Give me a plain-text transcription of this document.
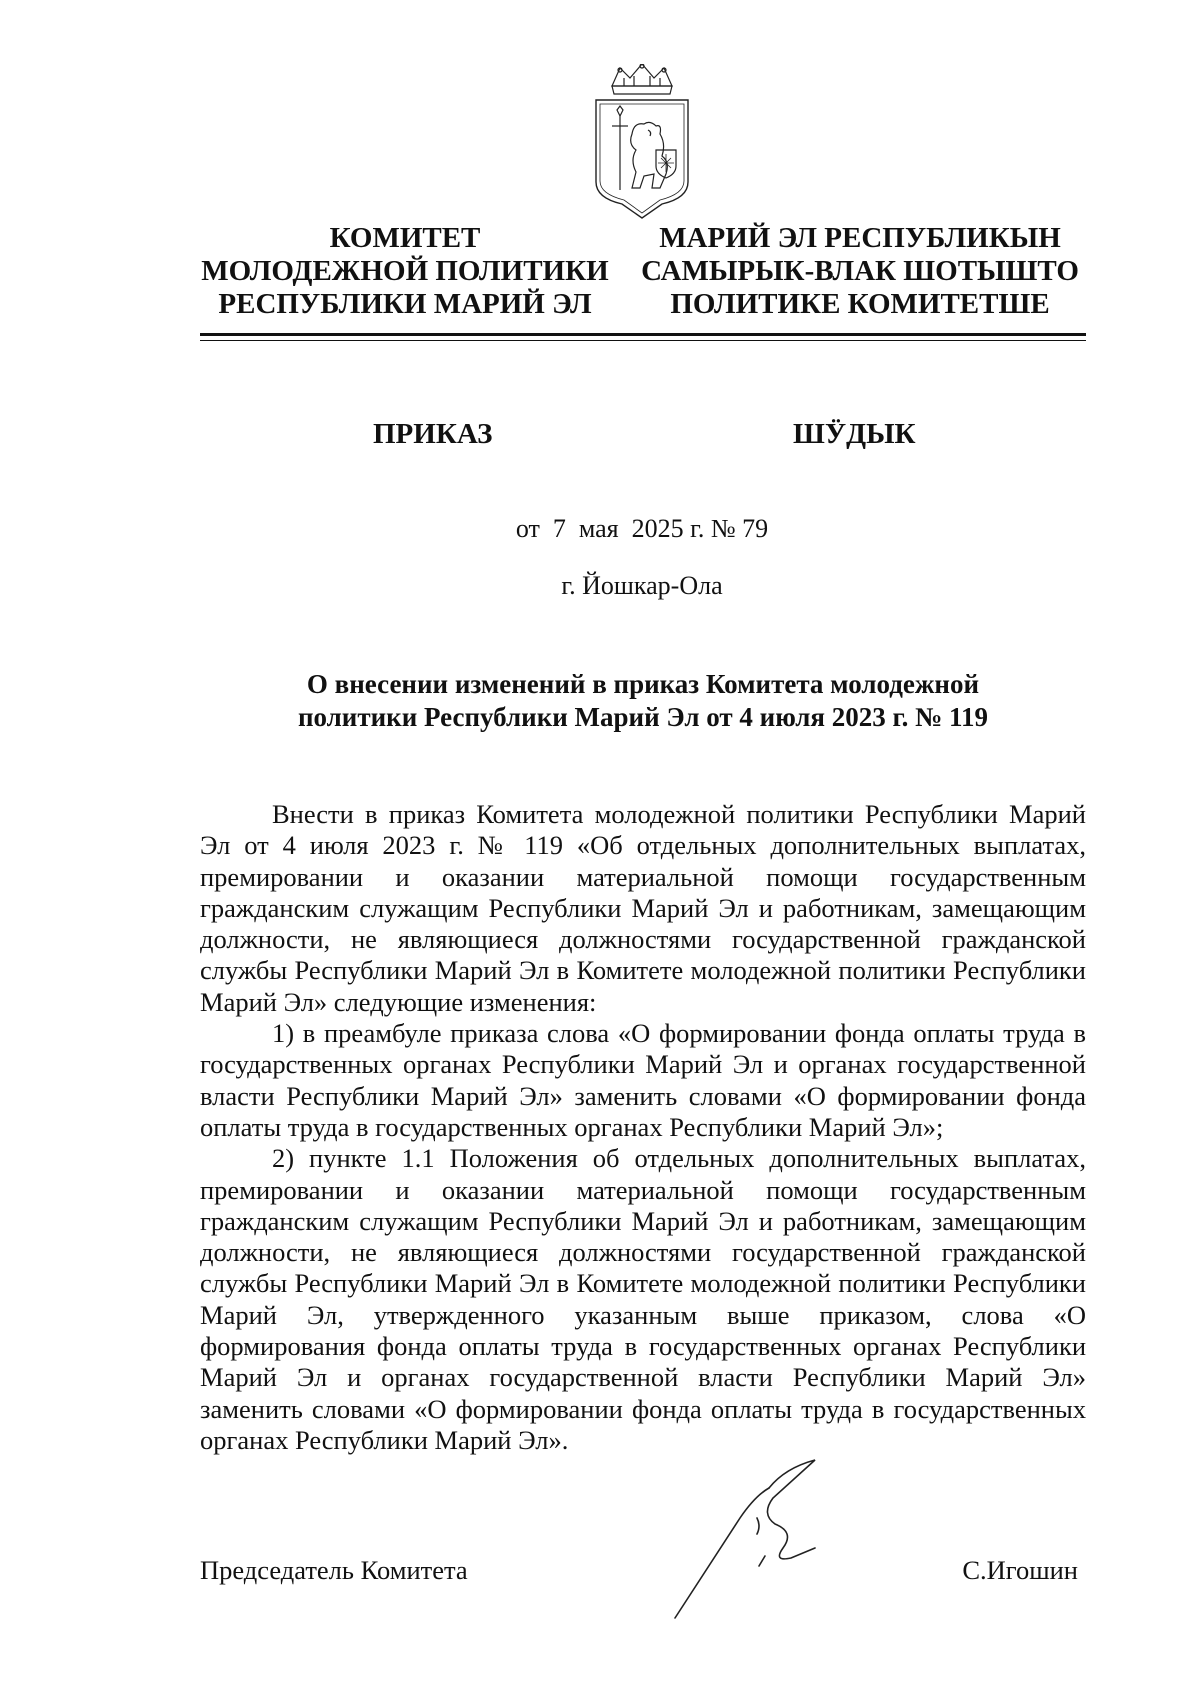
КОМИТЕТ
МОЛОДЕЖНОЙ ПОЛИТИКИ
РЕСПУБЛИКИ МАРИЙ ЭЛ
МАРИЙ ЭЛ РЕСПУБЛИКЫН
САМЫРЫК-ВЛАК ШОТЫШТО
ПОЛИТИКЕ КОМИТЕТШЕ
ПРИКАЗ	ШӰДЫК
от  7  мая  2025 г. № 79
г. Йошкар-Ола
О внесении изменений в приказ Комитета молодежной
политики Республики Марий Эл от 4 июля 2023 г. № 119

Внести в приказ Комитета молодежной политики Республики Марий Эл от 4 июля 2023 г. № 119 «Об отдельных дополнительных выплатах, премировании и оказании материальной помощи государственным гражданским служащим Республики Марий Эл и работникам, замещающим должности, не являющиеся должностями государственной гражданской службы Республики Марий Эл в Комитете молодежной политики Республики Марий Эл» следующие изменения:

1) в преамбуле приказа слова «О формировании фонда оплаты труда в государственных органах Республики Марий Эл и органах государственной власти Республики Марий Эл» заменить словами «О формировании фонда оплаты труда в государственных органах Республики Марий Эл»;

2) пункте 1.1 Положения об отдельных дополнительных выплатах, премировании и оказании материальной помощи государственным гражданским служащим Республики Марий Эл и работникам, замещающим должности, не являющиеся должностями государственной гражданской службы Республики Марий Эл в Комитете молодежной политики Республики Марий Эл, утвержденного указанным выше приказом, слова «О формирования фонда оплаты труда в государственных органах Республики Марий Эл и органах государственной власти Республики Марий Эл» заменить словами «О формировании фонда оплаты труда в государственных органах Республики Марий Эл».

Председатель Комитета	С.Игошин
